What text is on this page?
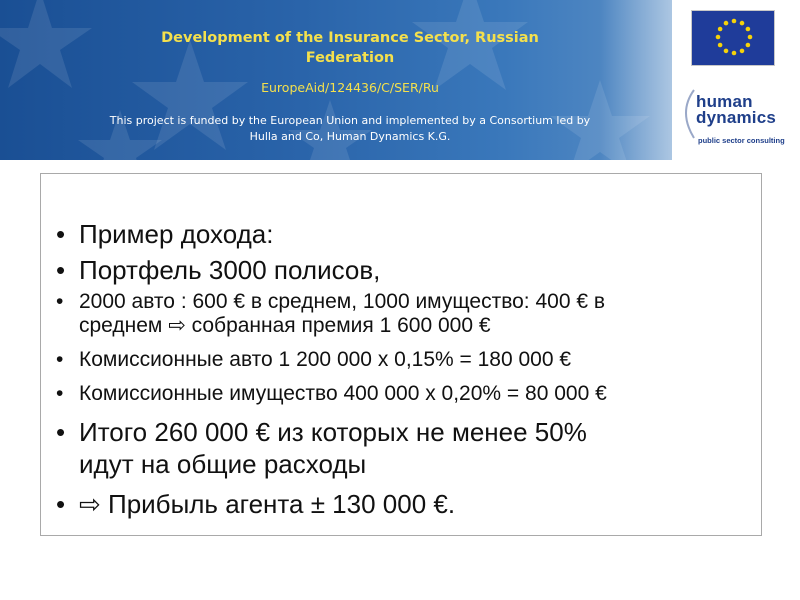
Development of the Insurance Sector, Russian
Federation
EuropeAid/124436/C/SER/Ru
This project is funded by the European Union and implemented by a Consortium led by
Hulla and Co, Human Dynamics K.G.
human
dynamics
public sector consulting
• Пример дохода:
• Портфель 3000 полисов,
• 2000 авто : 600 € в среднем, 1000 имущество: 400 € в
среднем ⇨ собранная премия 1 600 000 €
• Комиссионные авто 1 200 000 х 0,15% = 180 000 €
• Комиссионные имущество 400 000 х 0,20% = 80 000 €
• Итого 260 000 € из которых не менее 50%
идут на общие расходы
• ⇨ Прибыль агента ± 130 000 €.
